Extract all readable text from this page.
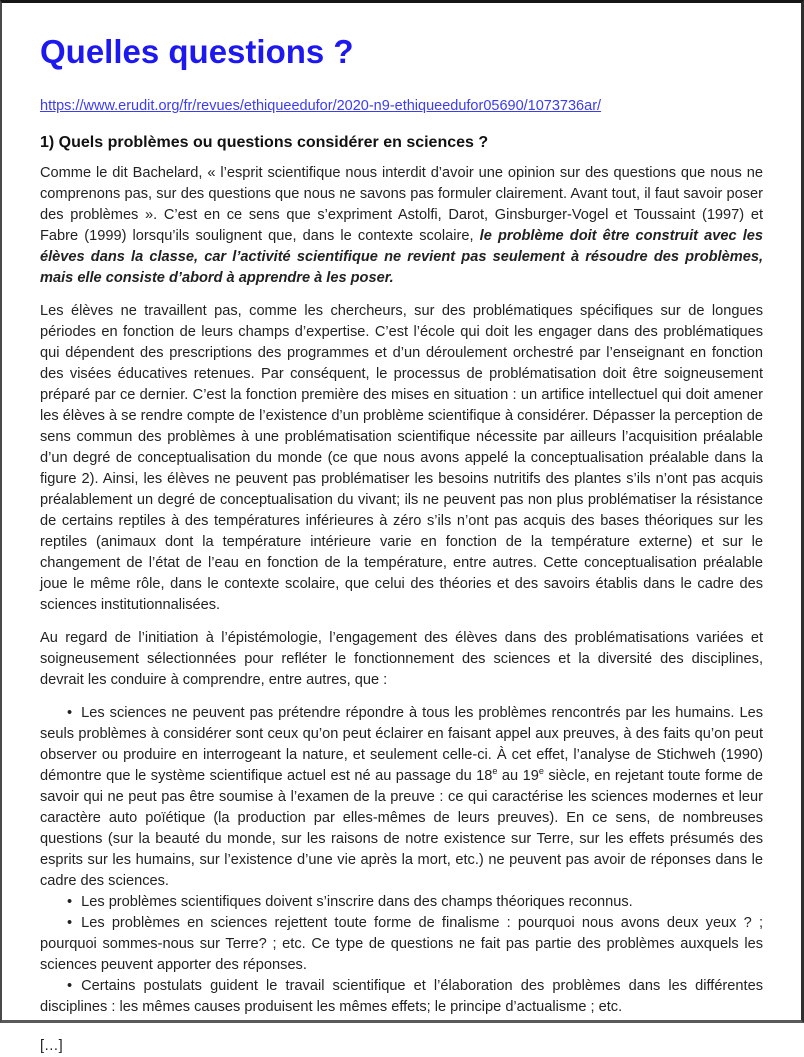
Quelles questions ?
https://www.erudit.org/fr/revues/ethiqueedufor/2020-n9-ethiqueedufor05690/1073736ar/
1) Quels problèmes ou questions considérer en sciences ?

Comme le dit Bachelard, « l’esprit scientifique nous interdit d’avoir une opinion sur des questions que nous ne comprenons pas, sur des questions que nous ne savons pas formuler clairement. Avant tout, il faut savoir poser des problèmes ». C’est en ce sens que s’expriment Astolfi, Darot, Ginsburger-Vogel et Toussaint (1997) et Fabre (1999) lorsqu’ils soulignent que, dans le contexte scolaire, le problème doit être construit avec les élèves dans la classe, car l’activité scientifique ne revient pas seulement à résoudre des problèmes, mais elle consiste d’abord à apprendre à les poser.

Les élèves ne travaillent pas, comme les chercheurs, sur des problématiques spécifiques sur de longues périodes en fonction de leurs champs d’expertise. C’est l’école qui doit les engager dans des problématiques qui dépendent des prescriptions des programmes et d’un déroulement orchestré par l’enseignant en fonction des visées éducatives retenues. Par conséquent, le processus de problématisation doit être soigneusement préparé par ce dernier. C’est la fonction première des mises en situation : un artifice intellectuel qui doit amener les élèves à se rendre compte de l’existence d’un problème scientifique à considérer. Dépasser la perception de sens commun des problèmes à une problématisation scientifique nécessite par ailleurs l’acquisition préalable d’un degré de conceptualisation du monde (ce que nous avons appelé la conceptualisation préalable dans la figure 2). Ainsi, les élèves ne peuvent pas problématiser les besoins nutritifs des plantes s’ils n’ont pas acquis préalablement un degré de conceptualisation du vivant; ils ne peuvent pas non plus problématiser la résistance de certains reptiles à des températures inférieures à zéro s’ils n’ont pas acquis des bases théoriques sur les reptiles (animaux dont la température intérieure varie en fonction de la température externe) et sur le changement de l’état de l’eau en fonction de la température, entre autres. Cette conceptualisation préalable joue le même rôle, dans le contexte scolaire, que celui des théories et des savoirs établis dans le cadre des sciences institutionnalisées.

Au regard de l’initiation à l’épistémologie, l’engagement des élèves dans des problématisations variées et soigneusement sélectionnées pour refléter le fonctionnement des sciences et la diversité des disciplines, devrait les conduire à comprendre, entre autres, que :

• Les sciences ne peuvent pas prétendre répondre à tous les problèmes rencontrés par les humains. Les seuls problèmes à considérer sont ceux qu’on peut éclairer en faisant appel aux preuves, à des faits qu’on peut observer ou produire en interrogeant la nature, et seulement celle-ci. À cet effet, l’analyse de Stichweh (1990) démontre que le système scientifique actuel est né au passage du 18e au 19e siècle, en rejetant toute forme de savoir qui ne peut pas être soumise à l’examen de la preuve : ce qui caractérise les sciences modernes et leur caractère auto poïétique (la production par elles-mêmes de leurs preuves). En ce sens, de nombreuses questions (sur la beauté du monde, sur les raisons de notre existence sur Terre, sur les effets présumés des esprits sur les humains, sur l’existence d’une vie après la mort, etc.) ne peuvent pas avoir de réponses dans le cadre des sciences.

• Les problèmes scientifiques doivent s’inscrire dans des champs théoriques reconnus.

• Les problèmes en sciences rejettent toute forme de finalisme : pourquoi nous avons deux yeux ? ; pourquoi sommes-nous sur Terre? ; etc. Ce type de questions ne fait pas partie des problèmes auxquels les sciences peuvent apporter des réponses.

• Certains postulats guident le travail scientifique et l’élaboration des problèmes dans les différentes disciplines : les mêmes causes produisent les mêmes effets; le principe d’actualisme ; etc.

[…]
